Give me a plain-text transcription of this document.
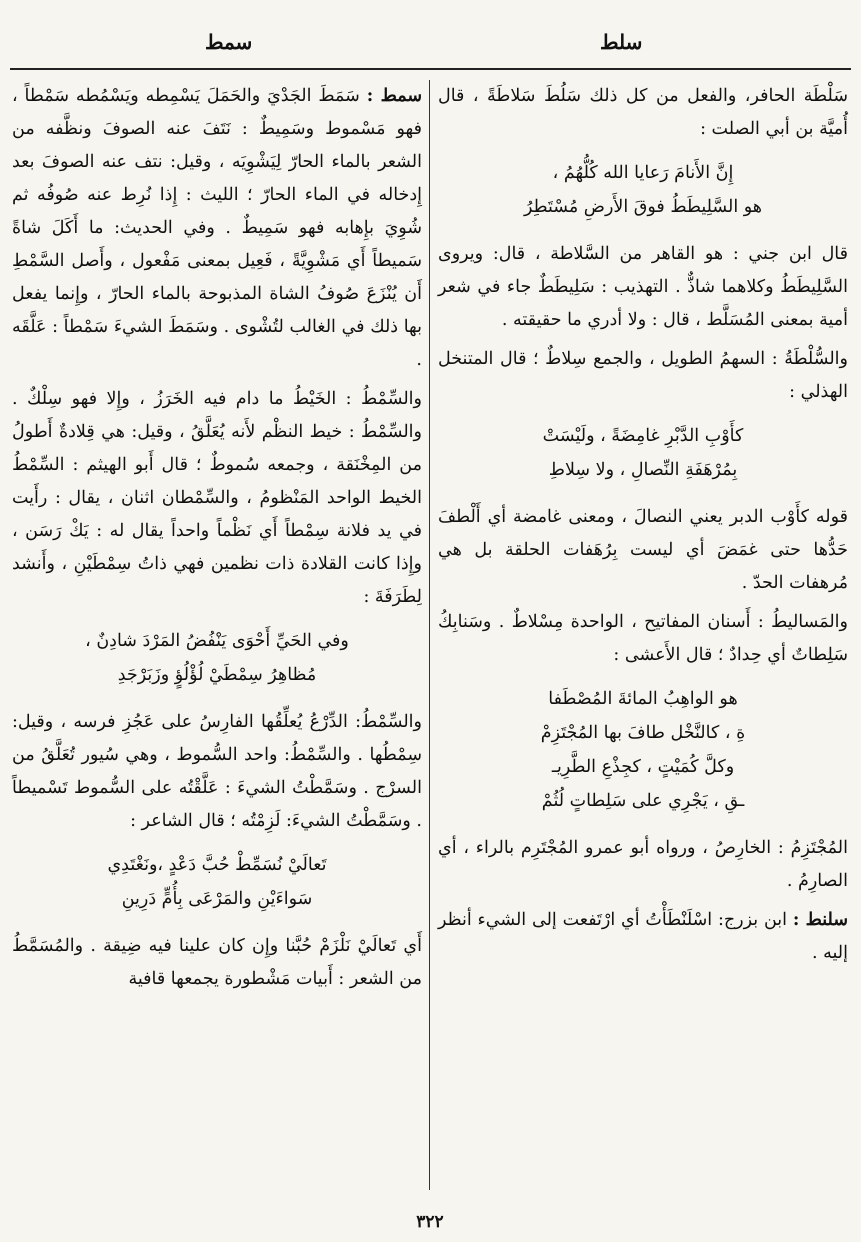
سلط
سمط

سَلْطَة الحافر، والفعل من كل ذلك سَلُطَ سَلاطَةً ، قال أُميَّة بن أبي الصلت :

إِنَّ الأَنامَ رَعايا الله كُلُّهُمُ ،
هو السَّلِيطَطُ فوقَ الأَرضِ مُسْتَطِرُ

قال ابن جني : هو القاهر من السَّلاطة ، قال: ويروى السَّلِيطَطُ وكلاهما شاذٌّ . التهذيب : سَلِيطَطٌ جاء في شعر أمية بمعنى المُسَلَّط ، قال : ولا أدري ما حقيقته .

والسُّلْطَةُ : السهمُ الطويل ، والجمع سِلاطٌ ؛ قال المتنخل الهذلي :

كأَوْبِ الدَّبْرِ غامِضَةً ، ولَيْسَتْ
بِمُرْهَفَةِ النِّصالِ ، ولا سِلاطِ

قوله كأَوْب الدبر يعني النصالَ ، ومعنى غامضة أي أَلْطفَ حَدُّها حتى غمَضَ أي ليست بِرُهَفات الحلقة بل هي مُرهفات الحدّ .

والمَساليطُ : أَسنان المفاتيح ، الواحدة مِسْلاطٌ . وسَنابِكُ سَلِطاتٌ أي حِدادٌ ؛ قال الأَعشى :

هو الواهِبُ المائةَ المُصْطَفا
ةِ ، كالنَّخْل طافَ بها المُجْتَزِمْ
وكلَّ كُمَيْتٍ ، كجِذْعِ الطَّرِيـ
ـقِ ، يَجْرِي على سَلِطاتٍ لُثُمْ

المُجْتَزِمُ : الخارِصُ ، ورواه أبو عمرو المُجْتَرِم بالراء ، أي الصارِمُ .

سلنط : ابن بزرج: اسْلَنْطَأْتُ أي ارْتَفعت إلى الشيء أنظر إليه .

سمط : سَمَطَ الجَدْيَ والحَمَلَ يَسْمِطه ويَسْمُطه سَمْطاً ، فهو مَسْموط وسَمِيطٌ : نَتَفَ عنه الصوفَ ونظَّفه من الشعر بالماء الحارّ لِيَشْوِيَه ، وقيل: نتف عنه الصوفَ بعد إِدخاله في الماء الحارّ ؛ الليث : إِذا نُرِط عنه صُوفُه ثم شُوِيَ بإِهابه فهو سَمِيطٌ . وفي الحديث: ما أَكَلَ شاةً سَميطاً أَي مَشْوِيَّةً ، فَعِيل بمعنى مَفْعول ، وأَصل السَّمْطِ أَن يُنْزَعَ صُوفُ الشاة المذبوحة بالماء الحارّ ، وإِنما يفعل بها ذلك في الغالب لتُشْوى . وسَمَطَ الشيءَ سَمْطاً : عَلَّقَه .

والسِّمْطُ : الخَيْطُ ما دام فيه الخَرَزُ ، وإِلا فهو سِلْكٌ . والسِّمْطُ : خيط النظْم لأَنه يُعَلَّقُ ، وقيل: هي قِلادةٌ أَطولُ من المِخْنَقة ، وجمعه سُموطٌ ؛ قال أَبو الهيثم : السِّمْطُ الخيط الواحد المَنْظومُ ، والسِّمْطان اثنان ، يقال : رأَيت في يد فلانة سِمْطاً أَي نَظْماً واحداً يقال له : يَكْ رَسَن ، وإِذا كانت القلادة ذات نظمين فهي ذاتُ سِمْطَيْنِ ، وأَنشد لِطَرَفَةَ :

وفي الحَيِّ أَحْوَى يَنْفُضُ المَرْدَ شادِنٌ ،
مُظاهِرُ سِمْطَيْ لُؤْلُؤٍ وزَبَرْجَدِ

والسِّمْطُ: الدِّرْعُ يُعلِّقُها الفارِسُ على عَجُزِ فرسه ، وقيل: سِمْطُها . والسِّمْطُ: واحد السُّموط ، وهي سُيور تُعَلَّقُ من السرْج . وسَمَّطْتُ الشيءَ : عَلَّقْتُه على السُّموط تَسْميطاً . وسَمَّطْتُ الشيءَ: لَزِمْتُه ؛ قال الشاعر :

تَعالَيْ نُسَمِّطْ حُبَّ دَعْدٍ ،ونَغْتَدِي
سَواءَيْنِ والمَرْعَى بِأُمٍّ دَرِينِ

أَي تَعالَيْ نَلْزَمْ حُبَّنا وإِن كان علينا فيه ضِيقة . والمُسَمَّطُ من الشعر : أَبيات مَشْطورة يجمعها قافية

٣٢٢
